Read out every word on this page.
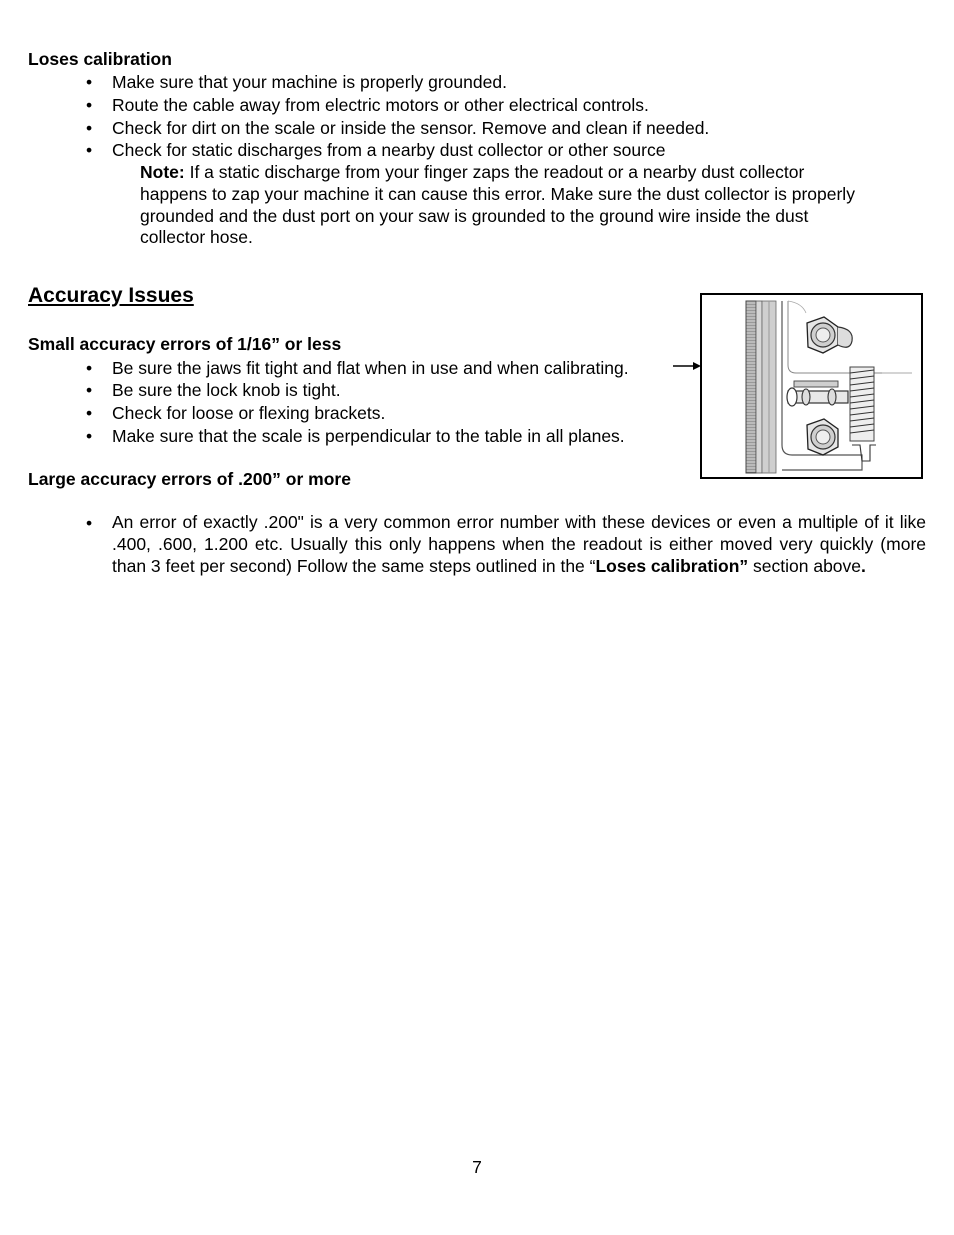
Loses calibration
• Make sure that your machine is properly grounded.
• Route the cable away from electric motors or other electrical controls.
• Check for dirt on the scale or inside the sensor. Remove and clean if needed.
• Check for static discharges from a nearby dust collector or other source
Note: If a static discharge from your finger zaps the readout or a nearby dust collector
happens to zap your machine it can cause this error. Make sure the dust collector is properly
grounded and the dust port on your saw is grounded to the ground wire inside the dust
collector hose.
Accuracy Issues
Small accuracy errors of 1/16” or less
• Be sure the jaws fit tight and flat when in use and when calibrating.
• Be sure the lock knob is tight.
• Check for loose or flexing brackets.
• Make sure that the scale is perpendicular to the table in all planes.
Large accuracy errors of .200” or more
• An error of exactly .200" is a very common error number with these devices or even a multiple of it like .400, .600, 1.200 etc. Usually this only happens when the readout is either moved very quickly (more than 3 feet per second) Follow the same steps outlined in the “Loses calibration” section above.
7
